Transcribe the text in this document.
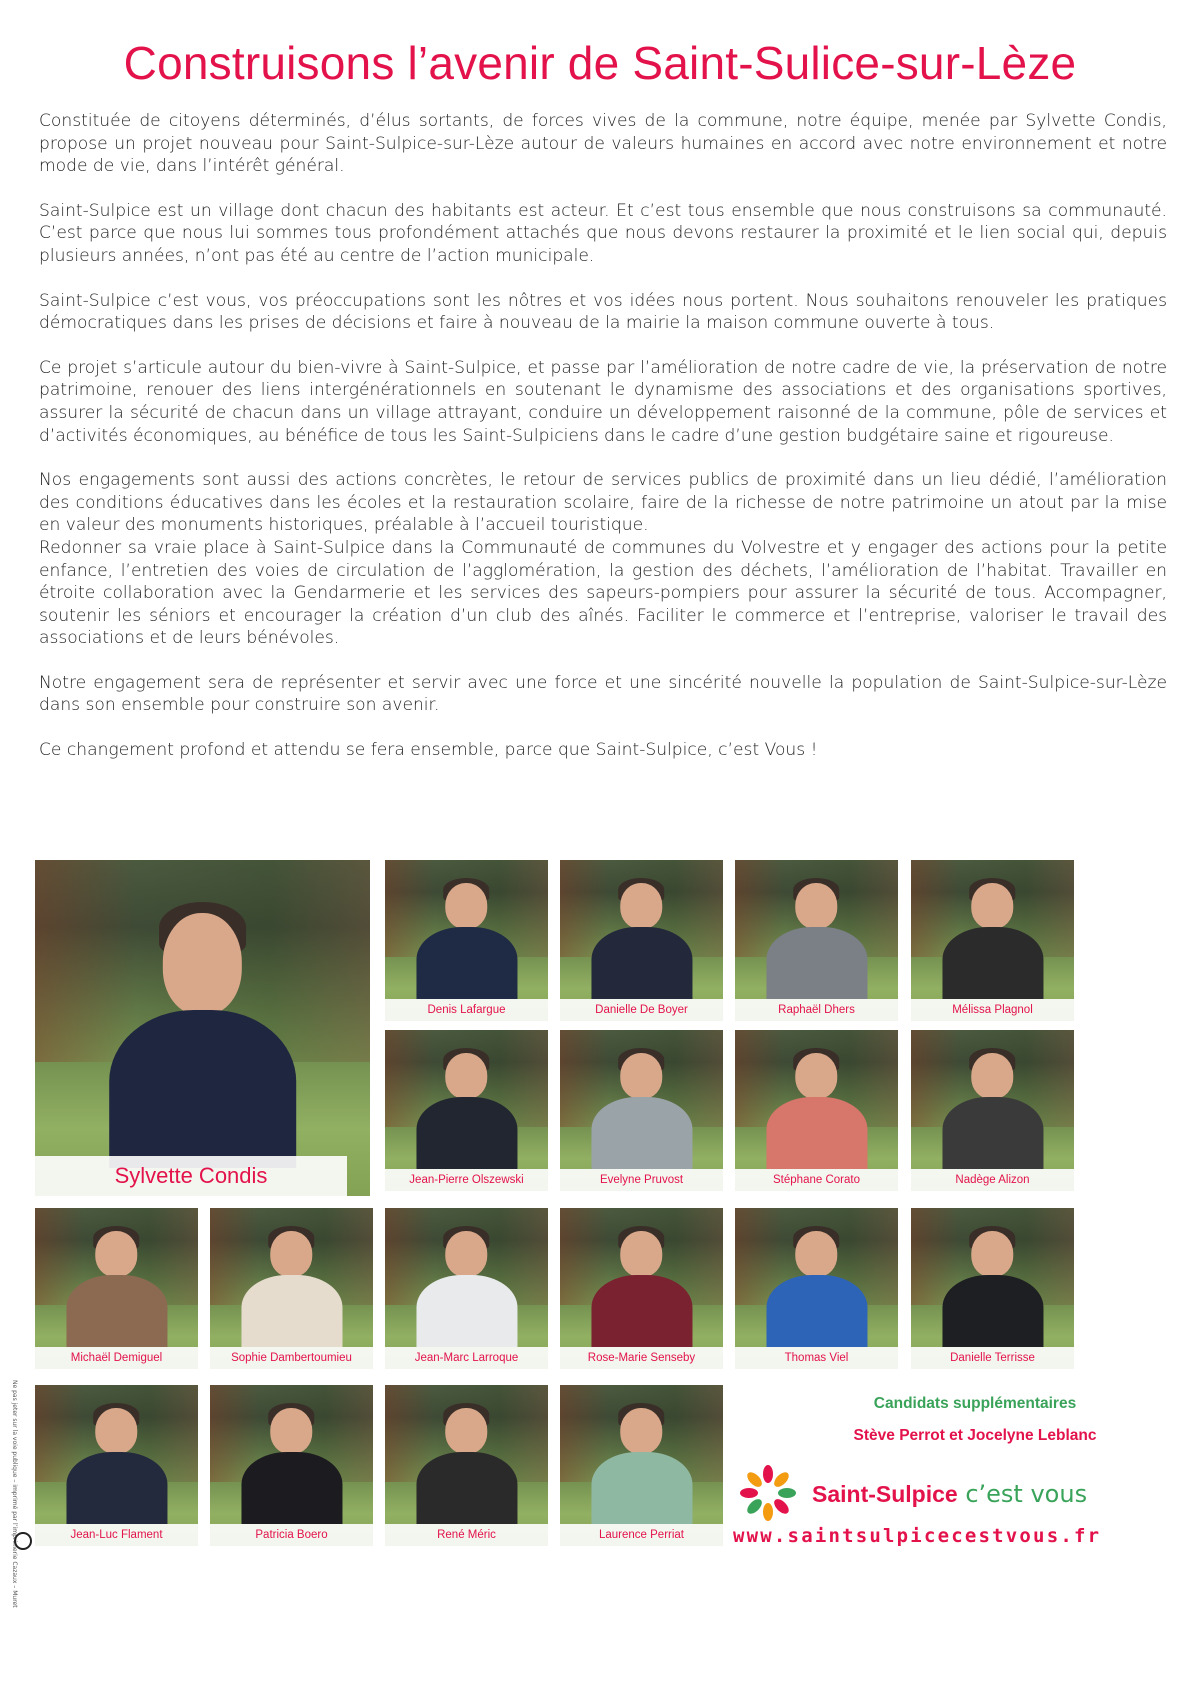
Construisons l’avenir de Saint-Sulice-sur-Lèze

Constituée de citoyens déterminés, d’élus sortants, de forces vives de la commune, notre équipe, menée par Sylvette Condis, propose un projet nouveau pour Saint-Sulpice-sur-Lèze autour de valeurs humaines en accord avec notre environnement et notre mode de vie, dans l’intérêt général.

Saint-Sulpice est un village dont chacun des habitants est acteur. Et c’est tous ensemble que nous construisons sa communauté. C’est parce que nous lui sommes tous profondément attachés que nous devons restaurer la proximité et le lien social qui, depuis plusieurs années, n’ont pas été au centre de l’action municipale.

Saint-Sulpice c’est vous, vos préoccupations sont les nôtres et vos idées nous portent. Nous souhaitons renouveler les pratiques démocratiques dans les prises de décisions et faire à nouveau de la mairie la maison commune ouverte à tous.

Ce projet s’articule autour du bien-vivre à Saint-Sulpice, et passe par l’amélioration de notre cadre de vie, la préservation de notre patrimoine, renouer des liens intergénérationnels en soutenant le dynamisme des associations et des organisations sportives, assurer la sécurité de chacun dans un village attrayant, conduire un développement raisonné de la commune, pôle de services et d’activités économiques, au bénéfice de tous les Saint-Sulpiciens dans le cadre d’une gestion budgétaire saine et rigoureuse.

Nos engagements sont aussi des actions concrètes, le retour de services publics de proximité dans un lieu dédié, l’amélioration des conditions éducatives dans les écoles et la restauration scolaire, faire de la richesse de notre patrimoine un atout par la mise en valeur des monuments historiques, préalable à l’accueil touristique.

Redonner sa vraie place à Saint-Sulpice dans la Communauté de communes du Volvestre et y engager des actions pour la petite enfance, l’entretien des voies de circulation de l’agglomération, la gestion des déchets, l’amélioration de l’habitat. Travailler en étroite collaboration avec la Gendarmerie et les services des sapeurs-pompiers pour assurer la sécurité de tous. Accompagner, soutenir les séniors et encourager la création d’un club des aînés. Faciliter le commerce et l’entreprise, valoriser le travail des associations et de leurs bénévoles.

Notre engagement sera de représenter et servir avec une force et une sincérité nouvelle la population de Saint-Sulpice-sur-Lèze dans son ensemble pour construire son avenir.

Ce changement profond et attendu se fera ensemble, parce que Saint-Sulpice, c’est Vous !

Sylvette Condis
Denis Lafargue	Danielle De Boyer	Raphaël Dhers	Mélissa Plagnol
Jean-Pierre Olszewski	Evelyne Pruvost	Stéphane Corato	Nadège Alizon
Michaël Demiguel	Sophie Dambertoumieu	Jean-Marc Larroque	Rose-Marie Senseby	Thomas Viel	Danielle Terrisse
Jean-Luc Flament	Patricia Boero	René Méric	Laurence Perriat
Candidats supplémentaires
Stève Perrot et Jocelyne Leblanc
Saint-Sulpice c’est vous
www.saintsulpicecestvous.fr
Ne pas jeter sur la voie publique – imprimé par l’imprimerie Cazaux – Muret
